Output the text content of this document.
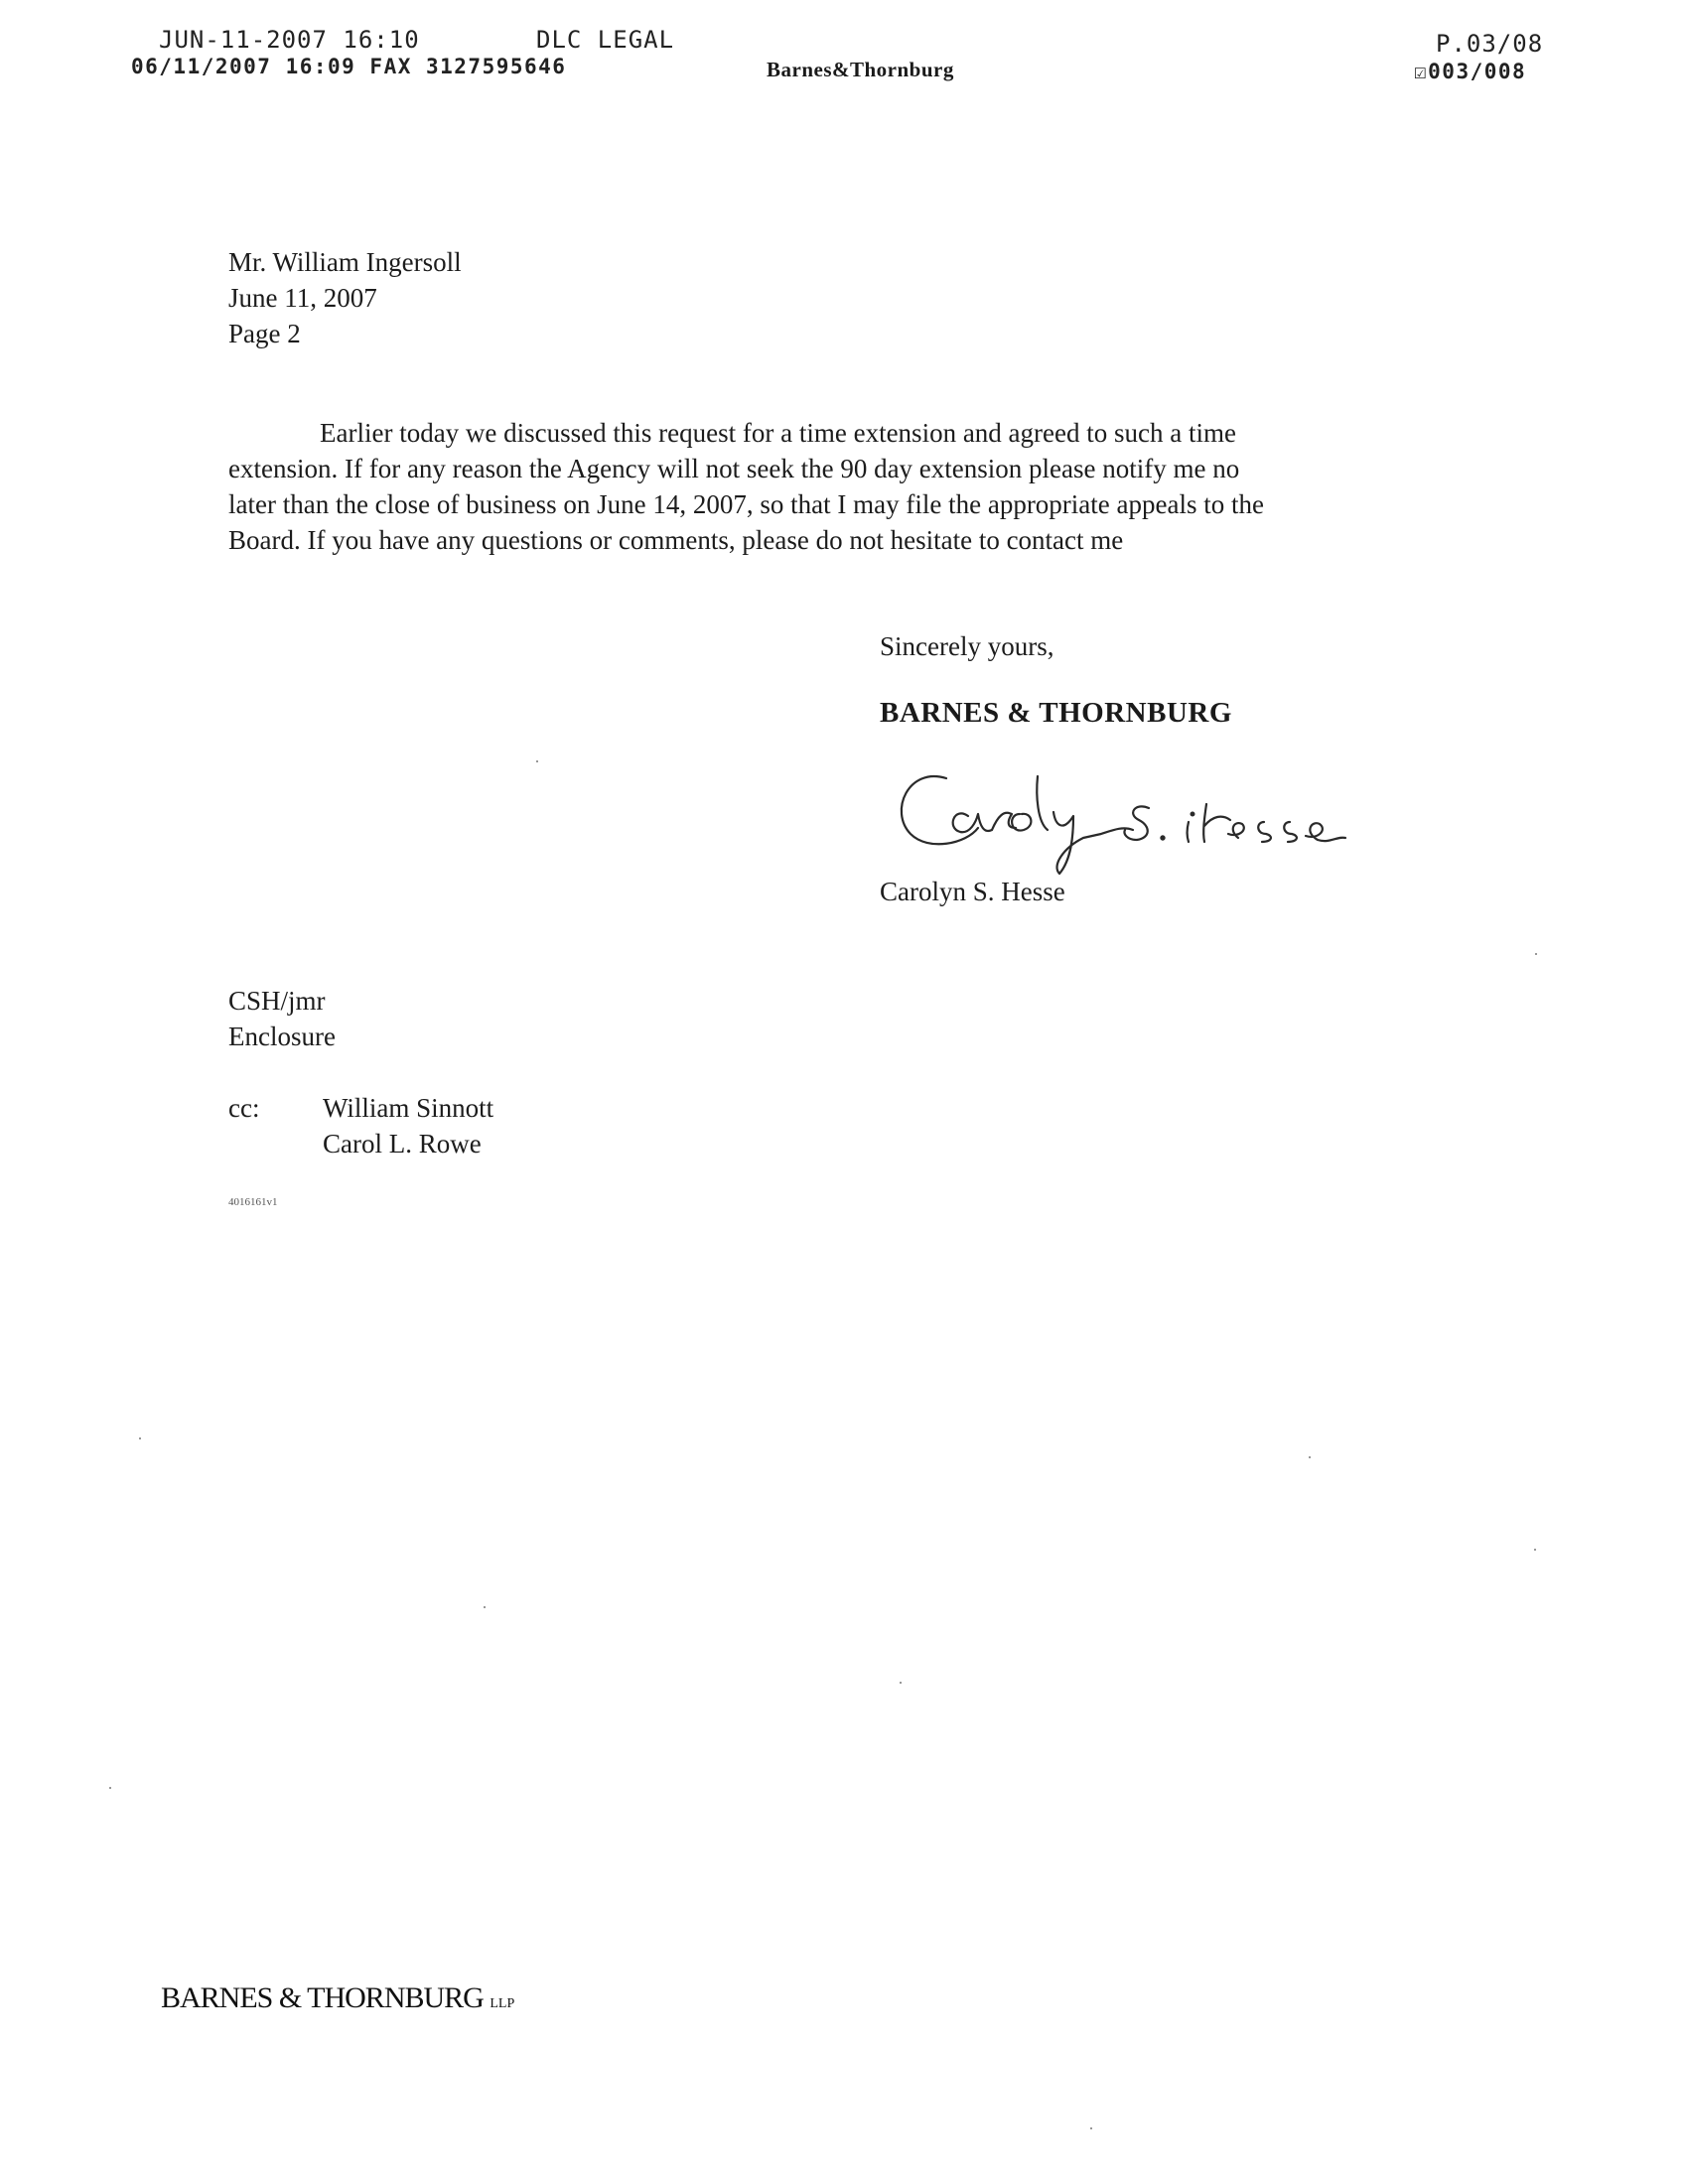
JUN-11-2007 16:10	DLC LEGAL	P.03/08
06/11/2007 16:09 FAX 3127595646	Barnes&Thornburg	☑003/008
Mr. William Ingersoll
June 11, 2007
Page 2
Earlier today we discussed this request for a time extension and agreed to such a time
extension. If for any reason the Agency will not seek the 90 day extension please notify me no
later than the close of business on June 14, 2007, so that I may file the appropriate appeals to the
Board. If you have any questions or comments, please do not hesitate to contact me
Sincerely yours,
BARNES & THORNBURG
Carolyn S. Hesse
CSH/jmr
Enclosure
cc: William Sinnott
Carol L. Rowe
4016161v1
BARNES & THORNBURG LLP
